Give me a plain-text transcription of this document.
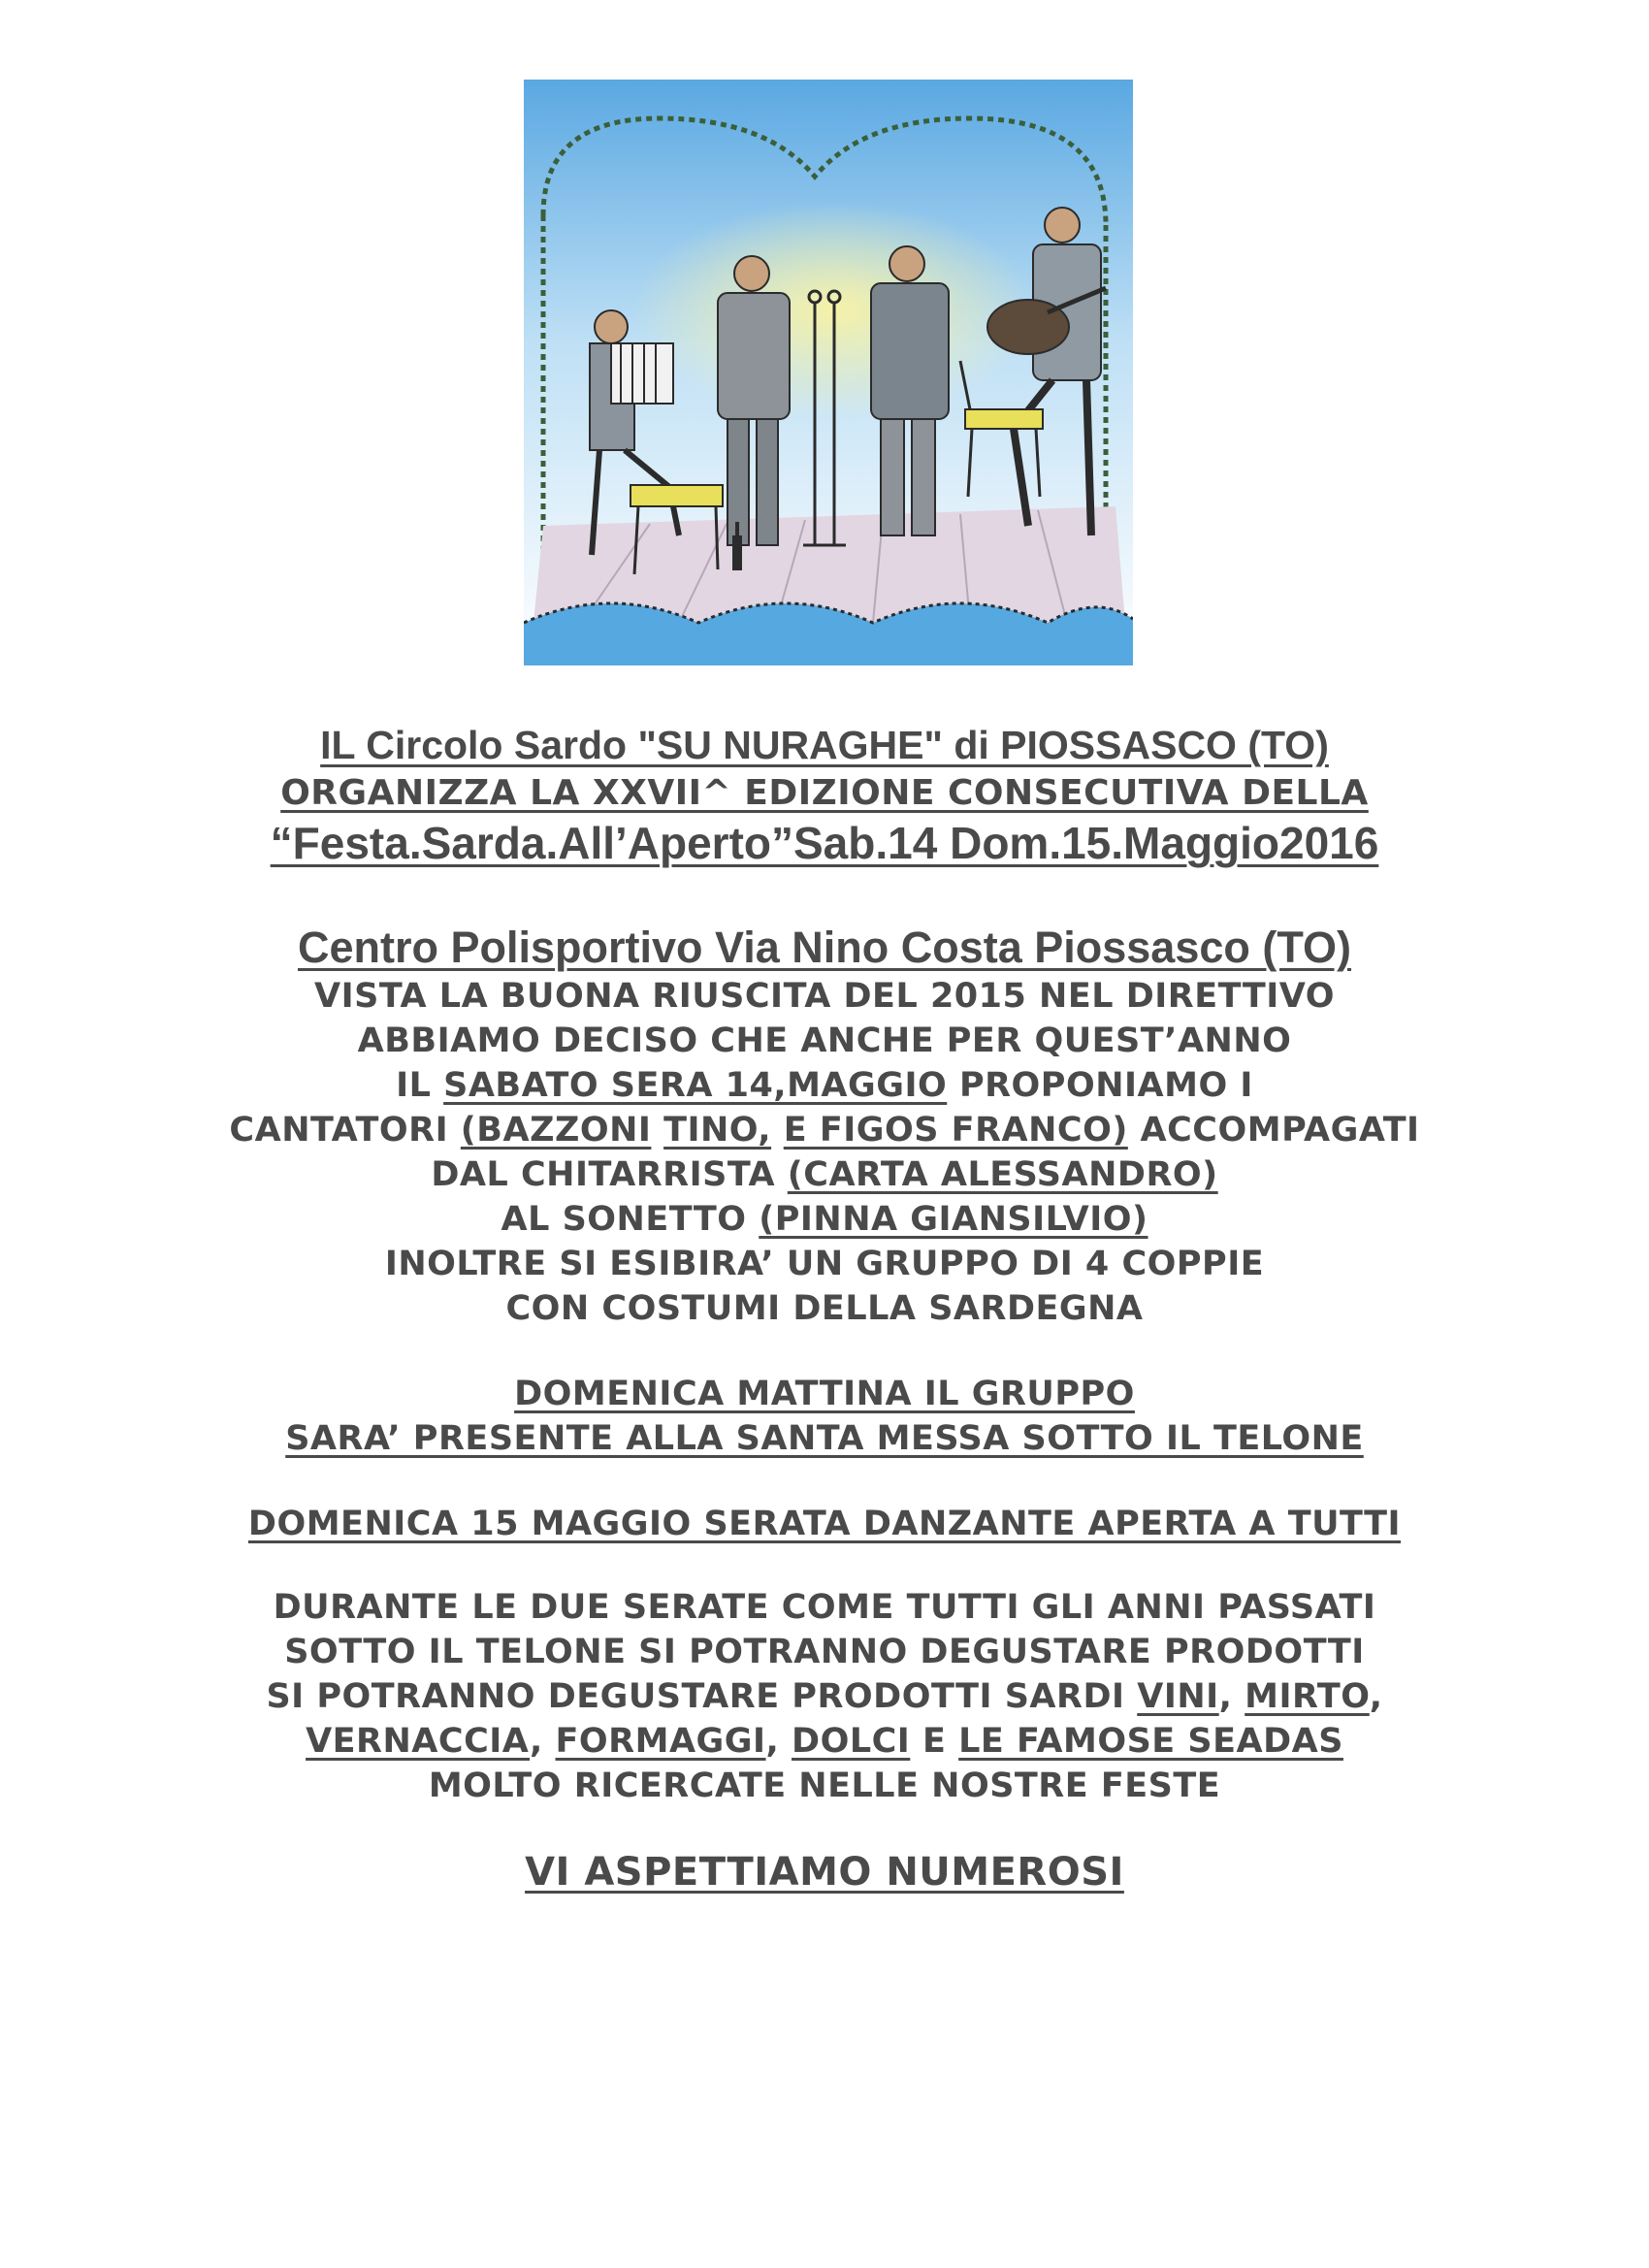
IL Circolo Sardo "SU NURAGHE" di PIOSSASCO (TO)
ORGANIZZA LA XXVII^ EDIZIONE CONSECUTIVA DELLA
“Festa.Sarda.All’Aperto”Sab.14 Dom.15.Maggio2016
Centro Polisportivo Via Nino Costa Piossasco (TO)
VISTA LA BUONA RIUSCITA DEL 2015 NEL DIRETTIVO
ABBIAMO DECISO CHE ANCHE PER QUEST’ANNO
IL SABATO SERA 14,MAGGIO PROPONIAMO I
CANTATORI (BAZZONI TINO, E FIGOS FRANCO) ACCOMPAGATI
DAL CHITARRISTA (CARTA ALESSANDRO)
AL SONETTO (PINNA GIANSILVIO)
INOLTRE SI ESIBIRA’ UN GRUPPO DI 4 COPPIE
CON COSTUMI DELLA SARDEGNA
DOMENICA MATTINA IL GRUPPO
SARA’ PRESENTE ALLA SANTA MESSA SOTTO IL TELONE
DOMENICA 15 MAGGIO SERATA DANZANTE APERTA A TUTTI
DURANTE LE DUE SERATE COME TUTTI GLI ANNI PASSATI
SOTTO IL TELONE SI POTRANNO DEGUSTARE PRODOTTI
SI POTRANNO DEGUSTARE PRODOTTI SARDI VINI, MIRTO,
VERNACCIA, FORMAGGI, DOLCI E LE FAMOSE SEADAS
MOLTO RICERCATE NELLE NOSTRE FESTE
VI ASPETTIAMO NUMEROSI
